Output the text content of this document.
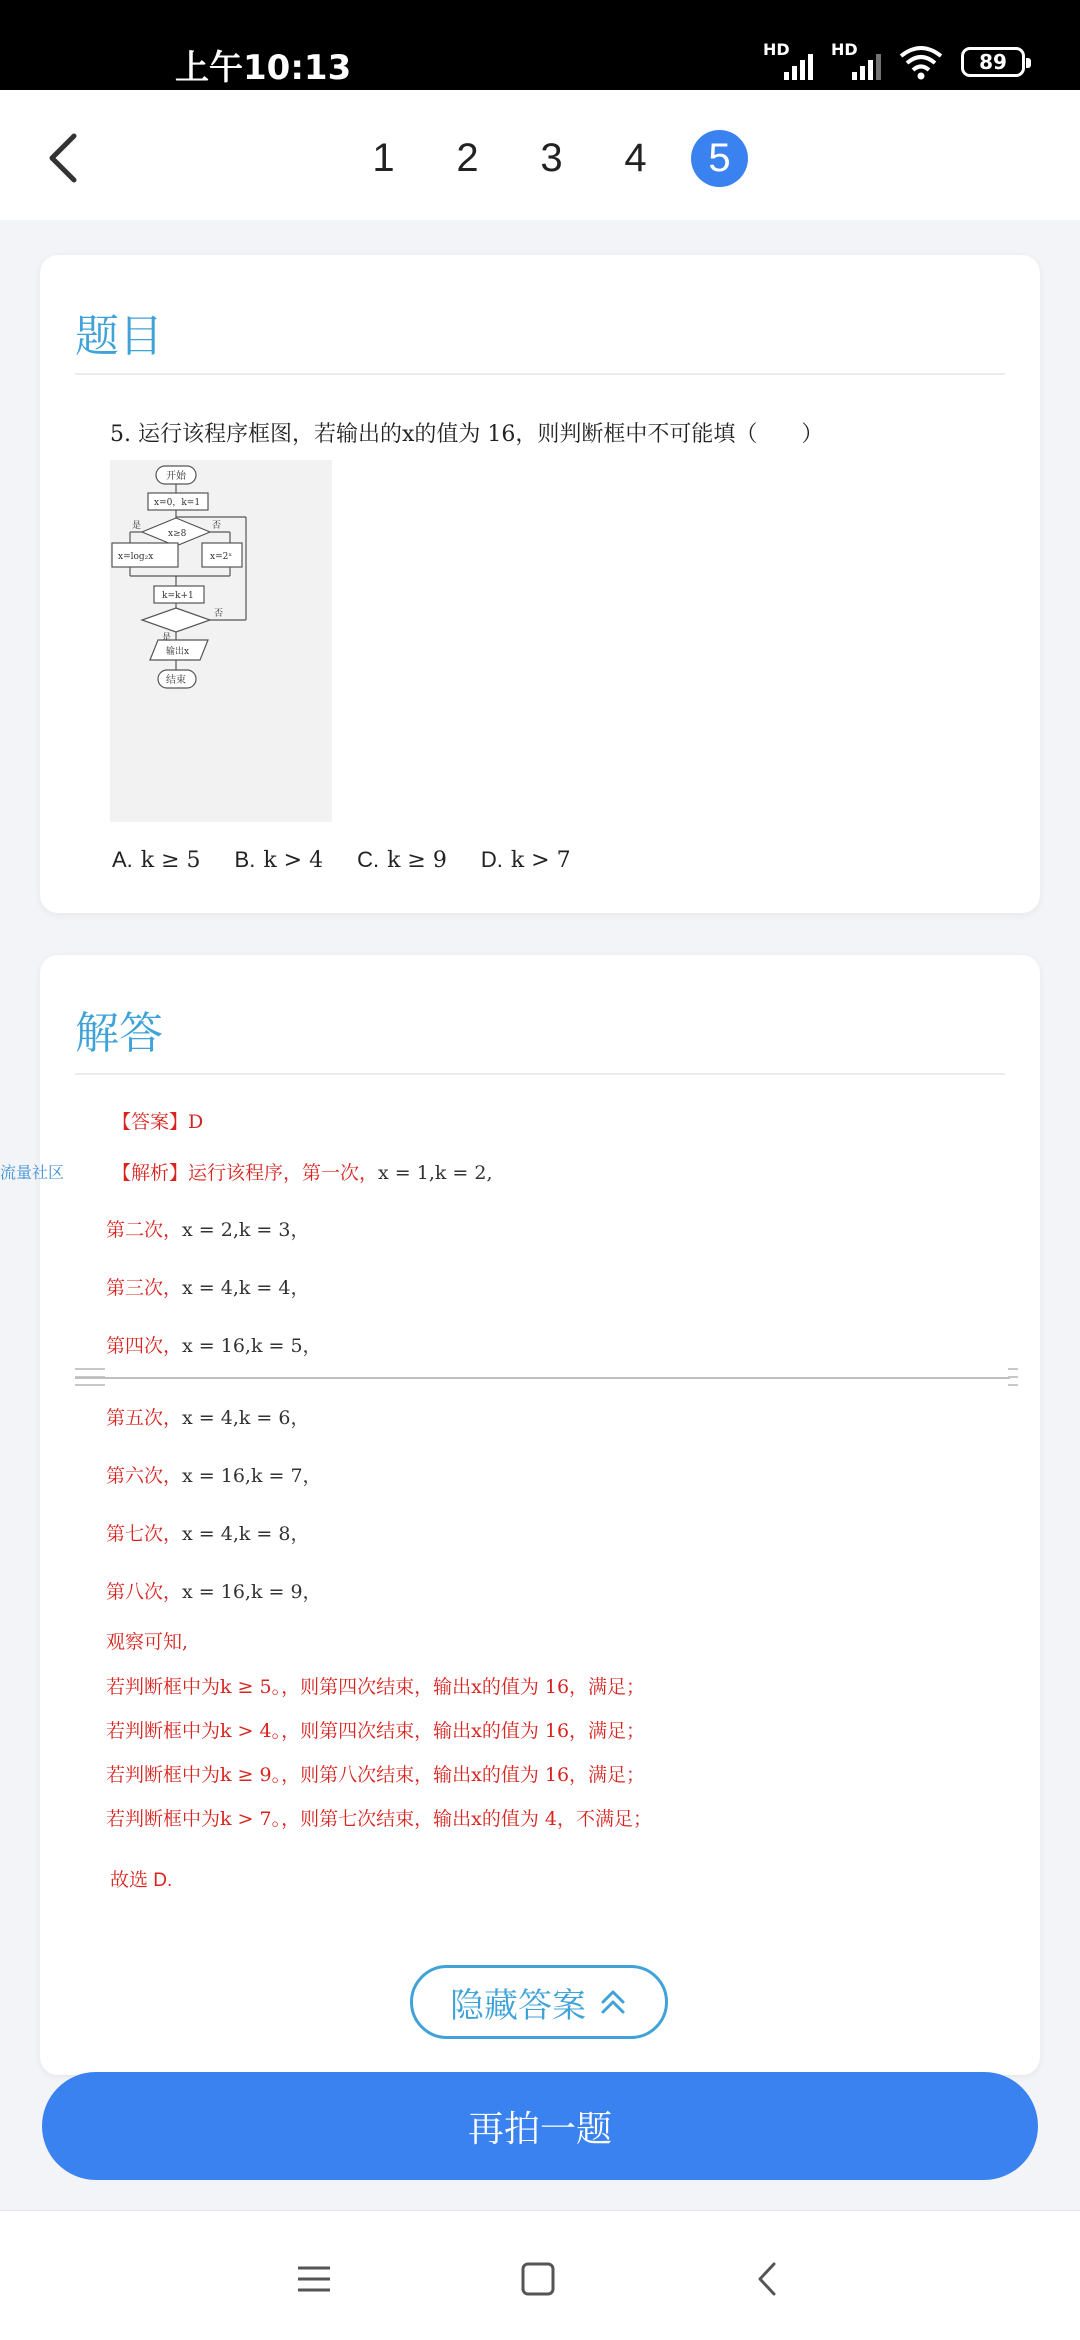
上午10:13	HD	HD
89
1	2	3	4	5
题目
5. 运行该程序框图，若输出的x的值为 16，则判断框中不可能填（　　）
开始
x=0，k=1
x≥8
是	否
x=log₂x	x=2ˣ
k=k+1
否
是
输出x
结束
A. k ≥ 5 B. k > 4 C. k ≥ 9 D. k > 7
解答
【答案】D
【解析】运行该程序，第一次，x = 1,k = 2,
第二次，x = 2,k = 3，
第三次，x = 4,k = 4，
第四次，x = 16,k = 5，
第五次，x = 4,k = 6，
第六次，x = 16,k = 7，
第七次，x = 4,k = 8，
第八次，x = 16,k = 9，
观察可知,
若判断框中为k ≥ 5。，则第四次结束，输出x的值为 16，满足；
若判断框中为k > 4。，则第四次结束，输出x的值为 16，满足；
若判断框中为k ≥ 9。，则第八次结束，输出x的值为 16，满足；
若判断框中为k > 7。，则第七次结束，输出x的值为 4，不满足；
故选 D.
流量社区
隐藏答案
再拍一题
